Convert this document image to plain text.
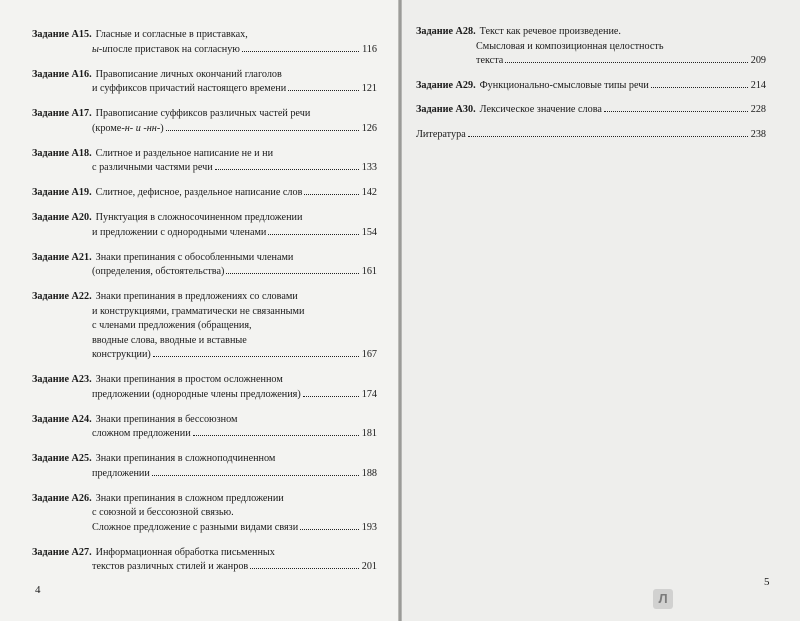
Задание А15. Гласные и согласные в приставках,
ы-и после приставок на согласную	116
Задание А16. Правописание личных окончаний глаголов
и суффиксов причастий настоящего времени	121
Задание А17. Правописание суффиксов различных частей речи
(кроме -н- и -нн- )	126
Задание А18. Слитное и раздельное написание не и ни
с различными частями речи	133
Задание А19. Слитное, дефисное, раздельное написание слов	142
Задание А20. Пунктуация в сложносочиненном предложении
и предложении с однородными членами	154
Задание А21. Знаки препинания с обособленными членами
(определения, обстоятельства)	161
Задание А22. Знаки препинания в предложениях со словами
и конструкциями, грамматически не связанными
с членами предложения (обращения,
вводные слова, вводные и вставные
конструкции)	167
Задание А23. Знаки препинания в простом осложненном
предложении (однородные члены предложения)	174
Задание А24. Знаки препинания в бессоюзном
сложном предложении	181
Задание А25. Знаки препинания в сложноподчиненном
предложении	188
Задание А26. Знаки препинания в сложном предложении
с союзной и бессоюзной связью.
Сложное предложение с разными видами связи	193
Задание А27. Информационная обработка письменных
текстов различных стилей и жанров	201
4
Задание А28. Текст как речевое произведение.
Смысловая и композиционная целостность
текста	209
Задание А29. Функционально-смысловые типы речи	214
Задание А30. Лексическое значение слова	228
Литература	238
5
Л
